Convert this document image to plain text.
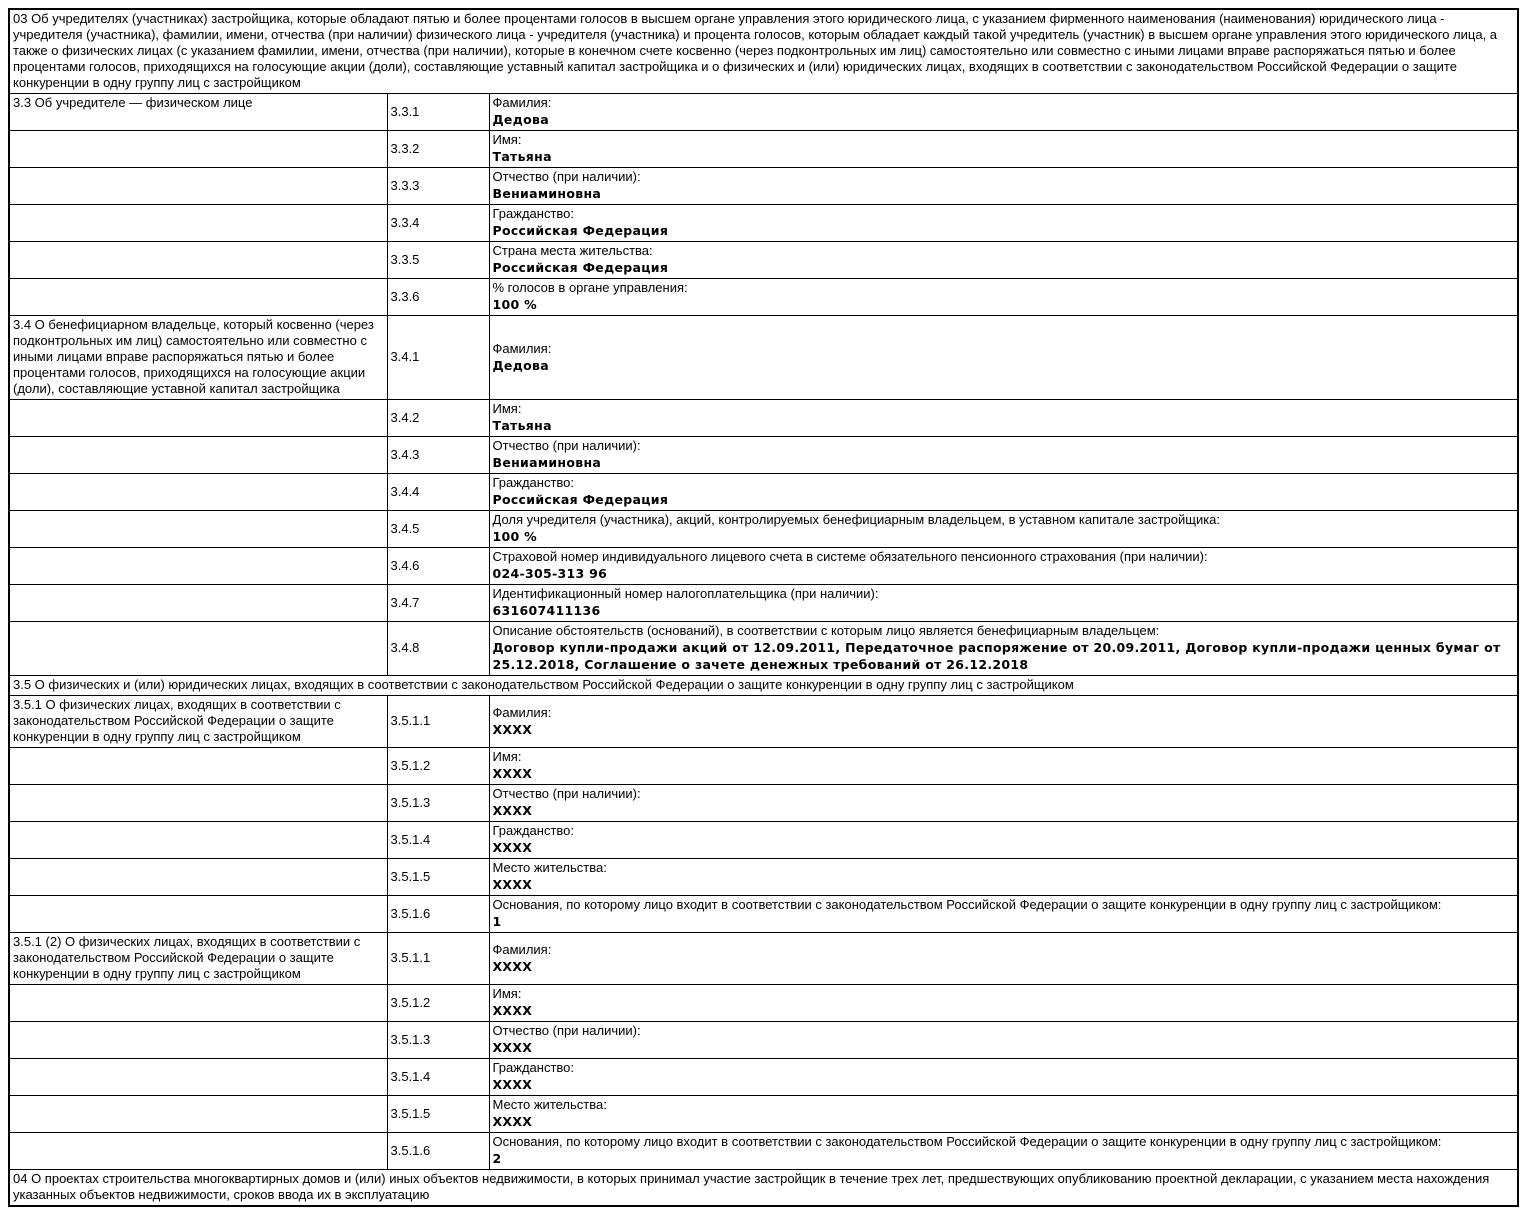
03 Об учредителях (участниках) застройщика, которые обладают пятью и более процентами голосов в высшем органе управления этого юридического лица, с указанием фирменного наименования (наименования) юридического лица - учредителя (участника), фамилии, имени, отчества (при наличии) физического лица - учредителя (участника) и процента голосов, которым обладает каждый такой учредитель (участник) в высшем органе управления этого юридического лица, а также о физических лицах (с указанием фамилии, имени, отчества (при наличии), которые в конечном счете косвенно (через подконтрольных им лиц) самостоятельно или совместно с иными лицами вправе распоряжаться пятью и более процентами голосов, приходящихся на голосующие акции (доли), составляющие уставный капитал застройщика и о физических и (или) юридических лицах, входящих в соответствии с законодательством Российской Федерации о защите конкуренции в одну группу лиц с застройщиком		
3.3 Об учредителе — физическом лице	3.3.1	Фамилия:
Дедова

	3.3.2	Имя:
Татьяна

	3.3.3	Отчество (при наличии):
Вениаминовна

	3.3.4	Гражданство:
Российская Федерация

	3.3.5	Страна места жительства:
Российская Федерация

	3.3.6	% голосов в органе управления:
100 %

3.4 О бенефициарном владельце, который косвенно (через подконтрольных им лиц) самостоятельно или совместно с иными лицами вправе распоряжаться пятью и более процентами голосов, приходящихся на голосующие акции (доли), составляющие уставной капитал застройщика	3.4.1	Фамилия:
Дедова

	3.4.2	Имя:
Татьяна

	3.4.3	Отчество (при наличии):
Вениаминовна

	3.4.4	Гражданство:
Российская Федерация

	3.4.5	Доля учредителя (участника), акций, контролируемых бенефициарным владельцем, в уставном капитале застройщика:
100 %

	3.4.6	Страховой номер индивидуального лицевого счета в системе обязательного пенсионного страхования (при наличии):
024-305-313 96

	3.4.7	Идентификационный номер налогоплательщика (при наличии):
631607411136

	3.4.8	Описание обстоятельств (оснований), в соответствии с которым лицо является бенефициарным владельцем:
Договор купли-продажи акций от 12.09.2011, Передаточное распоряжение от 20.09.2011, Договор купли-продажи ценных бумаг от 25.12.2018, Соглашение о зачете денежных требований от 26.12.2018

3.5 О физических и (или) юридических лицах, входящих в соответствии с законодательством Российской Федерации о защите конкуренции в одну группу лиц с застройщиком		
3.5.1 О физических лицах, входящих в соответствии с законодательством Российской Федерации о защите конкуренции в одну группу лиц с застройщиком	3.5.1.1	Фамилия:
XXXX

	3.5.1.2	Имя:
XXXX

	3.5.1.3	Отчество (при наличии):
XXXX

	3.5.1.4	Гражданство:
XXXX

	3.5.1.5	Место жительства:
XXXX

	3.5.1.6	Основания, по которому лицо входит в соответствии с законодательством Российской Федерации о защите конкуренции в одну группу лиц с застройщиком:
1

3.5.1 (2) О физических лицах, входящих в соответствии с законодательством Российской Федерации о защите конкуренции в одну группу лиц с застройщиком	3.5.1.1	Фамилия:
XXXX

	3.5.1.2	Имя:
XXXX

	3.5.1.3	Отчество (при наличии):
XXXX

	3.5.1.4	Гражданство:
XXXX

	3.5.1.5	Место жительства:
XXXX

	3.5.1.6	Основания, по которому лицо входит в соответствии с законодательством Российской Федерации о защите конкуренции в одну группу лиц с застройщиком:
2

04 О проектах строительства многоквартирных домов и (или) иных объектов недвижимости, в которых принимал участие застройщик в течение трех лет, предшествующих опубликованию проектной декларации, с указанием места нахождения указанных объектов недвижимости, сроков ввода их в эксплуатацию		
